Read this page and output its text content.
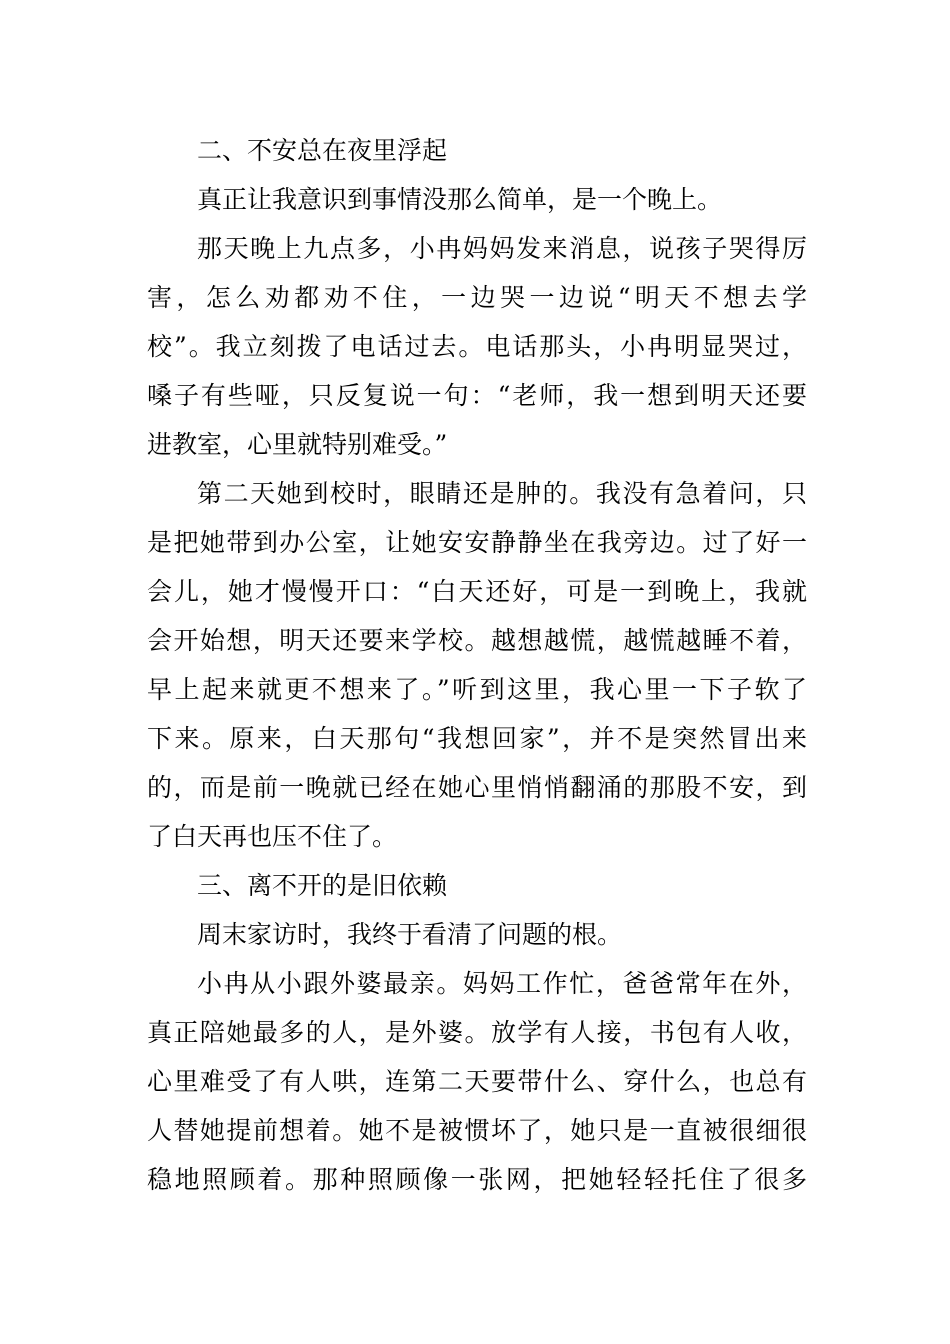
二、不安总在夜里浮起

真正让我意识到事情没那么简单，是一个晚上。

那天晚上九点多，小冉妈妈发来消息，说孩子哭得厉

害，怎么劝都劝不住，一边哭一边说“明天不想去学

校”。我立刻拨了电话过去。电话那头，小冉明显哭过，

嗓子有些哑，只反复说一句：“老师，我一想到明天还要

进教室，心里就特别难受。”

第二天她到校时，眼睛还是肿的。我没有急着问，只

是把她带到办公室，让她安安静静坐在我旁边。过了好一

会儿，她才慢慢开口：“白天还好，可是一到晚上，我就

会开始想，明天还要来学校。越想越慌，越慌越睡不着，

早上起来就更不想来了。”听到这里，我心里一下子软了

下来。原来，白天那句“我想回家”，并不是突然冒出来

的，而是前一晚就已经在她心里悄悄翻涌的那股不安，到

了白天再也压不住了。

三、离不开的是旧依赖

周末家访时，我终于看清了问题的根。

小冉从小跟外婆最亲。妈妈工作忙，爸爸常年在外，

真正陪她最多的人，是外婆。放学有人接，书包有人收，

心里难受了有人哄，连第二天要带什么、穿什么，也总有

人替她提前想着。她不是被惯坏了，她只是一直被很细很

稳地照顾着。那种照顾像一张网，把她轻轻托住了很多
